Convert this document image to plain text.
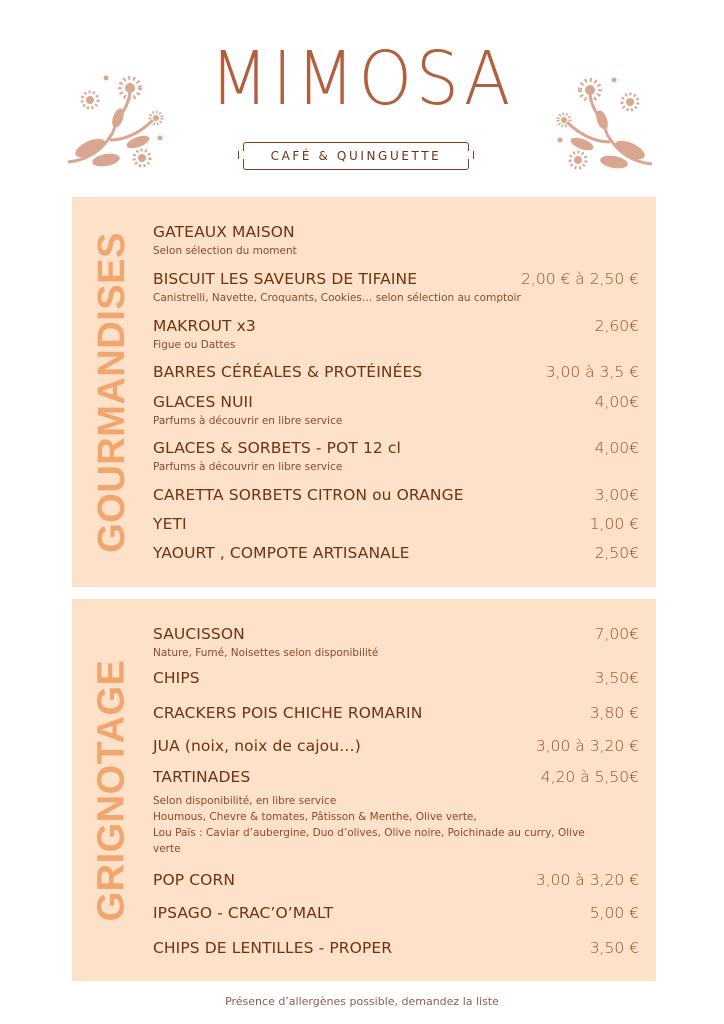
MIMOSA
CAFÉ & QUINGUETTE
GOURMANDISES GATEAUX MAISON
Selon sélection du moment
BISCUIT LES SAVEURS DE TIFAINE	2,00 € à 2,50 €
Canistrelli, Navette, Croquants, Cookies… selon sélection au comptoir
MAKROUT x3	2,60€
Figue ou Dattes
BARRES CÉRÉALES & PROTÉINÉES	3,00 à 3,5 €
GLACES NUII	4,00€
Parfums à découvrir en libre service
GLACES & SORBETS - POT 12 cl	4,00€
Parfums à découvrir en libre service
CARETTA SORBETS CITRON ou ORANGE	3,00€
YETI	1,00 €
YAOURT , COMPOTE ARTISANALE	2,50€
GRIGNOTAGE
SAUCISSON	7,00€
Nature, Fumé, Noisettes selon disponibilité
CHIPS	3,50€
CRACKERS POIS CHICHE ROMARIN	3,80 €
JUA (noix, noix de cajou…)	3,00 à 3,20 €
TARTINADES	4,20 à 5,50€
Selon disponibilité, en libre service
Houmous, Chevre & tomates, Pâtisson & Menthe, Olive verte,
Lou Païs : Caviar d’aubergine, Duo d’olives, Olive noire, Poichinade au curry, Olive verte
POP CORN	3,00 à 3,20 €
IPSAGO - CRAC’O’MALT	5,00 €
CHIPS DE LENTILLES - PROPER	3,50 €
Présence d’allergènes possible, demandez la liste
